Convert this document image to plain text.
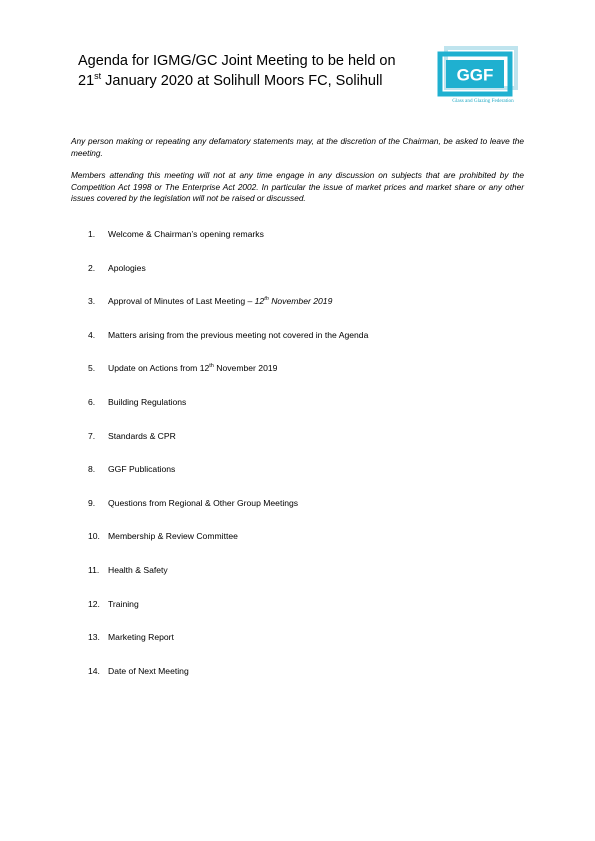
Agenda for IGMG/GC Joint Meeting to be held on 21st January 2020 at Solihull Moors FC, Solihull	GGF
Glass and Glazing Federation

Any person making or repeating any defamatory statements may, at the discretion of the Chairman, be asked to leave the meeting.

Members attending this meeting will not at any time engage in any discussion on subjects that are prohibited by the Competition Act 1998 or The Enterprise Act 2002. In particular the issue of market prices and market share or any other issues covered by the legislation will not be raised or discussed.

1. Welcome & Chairman’s opening remarks
2. Apologies
3. Approval of Minutes of Last Meeting – 12th November 2019
4. Matters arising from the previous meeting not covered in the Agenda
5. Update on Actions from 12th November 2019
6. Building Regulations
7. Standards & CPR
8. GGF Publications
9. Questions from Regional & Other Group Meetings
10. Membership & Review Committee
11. Health & Safety
12. Training
13. Marketing Report
14. Date of Next Meeting
